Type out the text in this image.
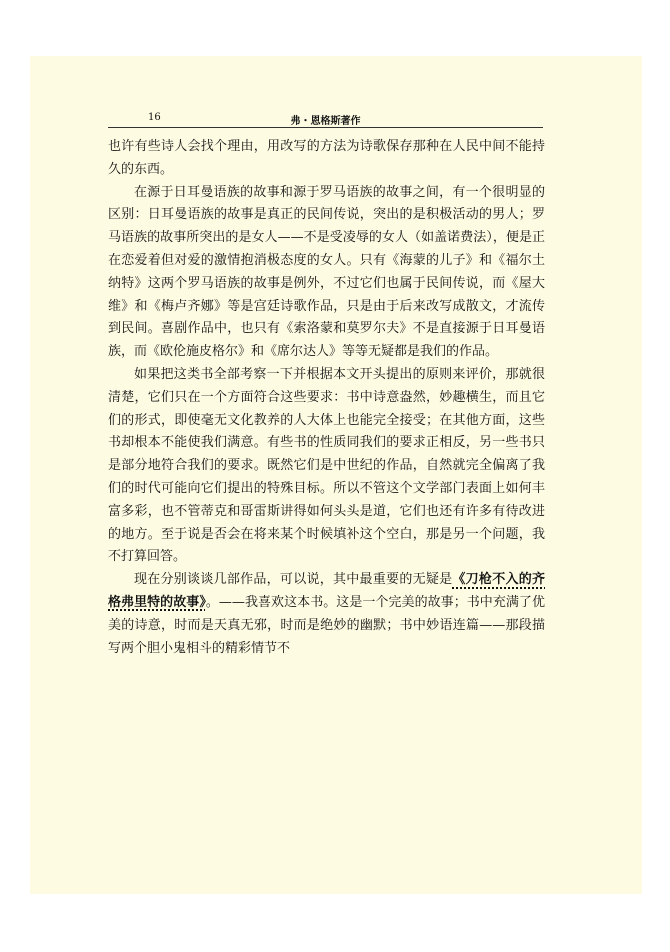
16	弗・恩格斯著作

也许有些诗人会找个理由，用改写的方法为诗歌保存那种在人民中间不能持久的东西。

在源于日耳曼语族的故事和源于罗马语族的故事之间，有一个很明显的区别：日耳曼语族的故事是真正的民间传说，突出的是积极活动的男人；罗马语族的故事所突出的是女人——不是受凌辱的女人（如盖诺费法），便是正在恋爱着但对爱的激情抱消极态度的女人。只有《海蒙的儿子》和《福尔土纳特》这两个罗马语族的故事是例外，不过它们也属于民间传说，而《屋大维》和《梅卢齐娜》等是宫廷诗歌作品，只是由于后来改写成散文，才流传到民间。喜剧作品中，也只有《索洛蒙和莫罗尔夫》不是直接源于日耳曼语族，而《欧伦施皮格尔》和《席尔达人》等等无疑都是我们的作品。

如果把这类书全部考察一下并根据本文开头提出的原则来评价，那就很清楚，它们只在一个方面符合这些要求：书中诗意盎然，妙趣横生，而且它们的形式，即使毫无文化教养的人大体上也能完全接受；在其他方面，这些书却根本不能使我们满意。有些书的性质同我们的要求正相反，另一些书只是部分地符合我们的要求。既然它们是中世纪的作品，自然就完全偏离了我们的时代可能向它们提出的特殊目标。所以不管这个文学部门表面上如何丰富多彩，也不管蒂克和哥雷斯讲得如何头头是道，它们也还有许多有待改进的地方。至于说是否会在将来某个时候填补这个空白，那是另一个问题，我不打算回答。

现在分别谈谈几部作品，可以说，其中最重要的无疑是《刀枪不入的齐格弗里特的故事》。——我喜欢这本书。这是一个完美的故事；书中充满了优美的诗意，时而是天真无邪，时而是绝妙的幽默；书中妙语连篇——那段描写两个胆小鬼相斗的精彩情节不
